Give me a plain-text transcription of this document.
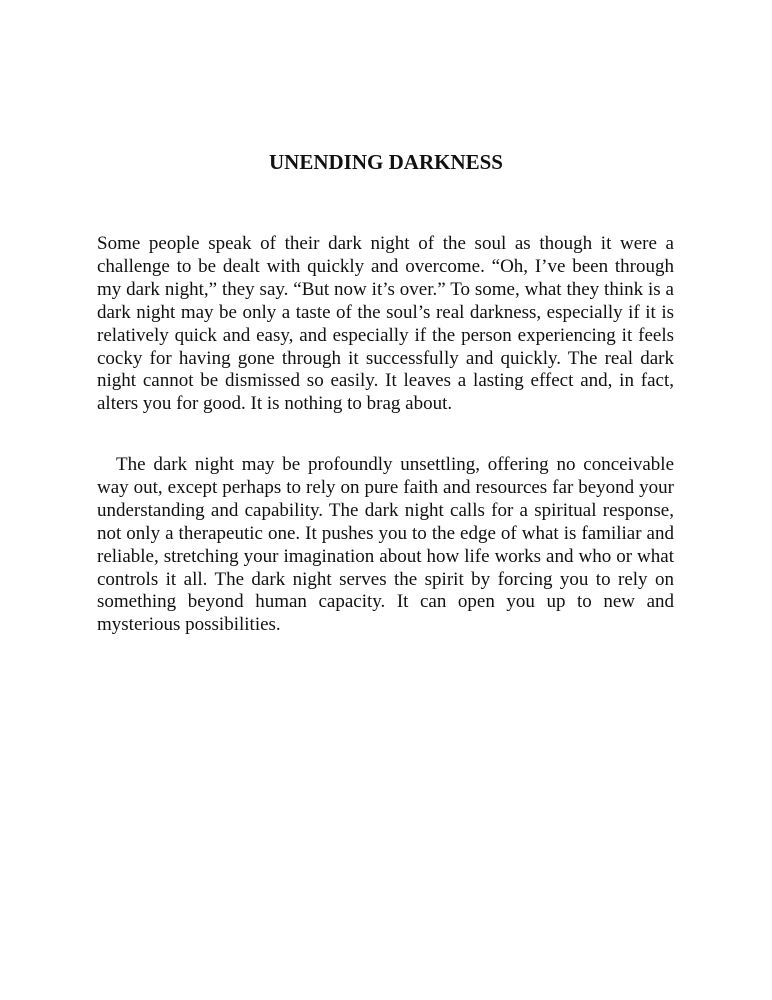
UNENDING DARKNESS

Some people speak of their dark night of the soul as though it were a challenge to be dealt with quickly and overcome. “Oh, I’ve been through my dark night,” they say. “But now it’s over.” To some, what they think is a dark night may be only a taste of the soul’s real darkness, especially if it is relatively quick and easy, and especially if the person experiencing it feels cocky for having gone through it successfully and quickly. The real dark night cannot be dismissed so easily. It leaves a lasting effect and, in fact, alters you for good. It is nothing to brag about.

The dark night may be profoundly unsettling, offering no conceivable way out, except perhaps to rely on pure faith and resources far beyond your understanding and capability. The dark night calls for a spiritual response, not only a therapeutic one. It pushes you to the edge of what is familiar and reliable, stretching your imagination about how life works and who or what controls it all. The dark night serves the spirit by forcing you to rely on something beyond human capacity. It can open you up to new and mysterious possibilities.
